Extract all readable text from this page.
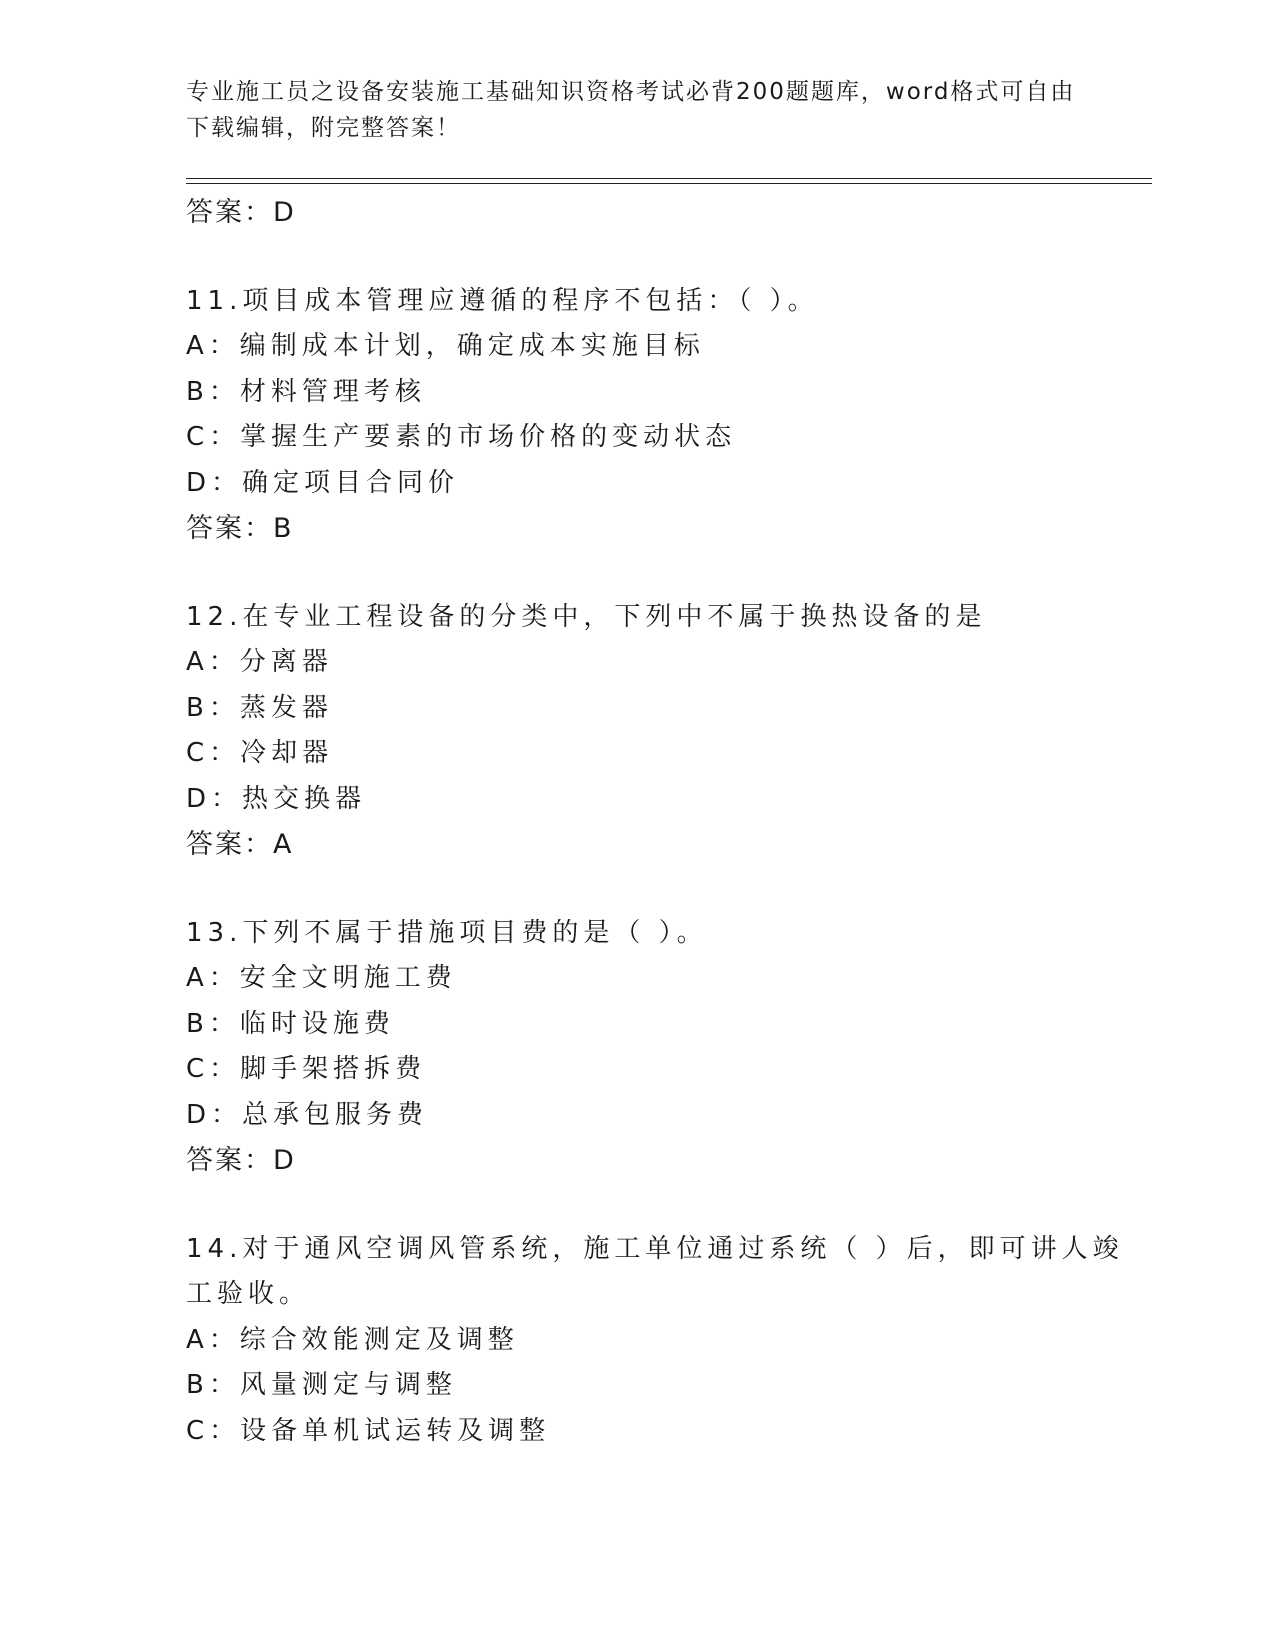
专业施工员之设备安装施工基础知识资格考试必背200题题库，word格式可自由
下载编辑，附完整答案！
答案：D
11.项目成本管理应遵循的程序不包括：（ ）。
A：编制成本计划，确定成本实施目标
B：材料管理考核
C：掌握生产要素的市场价格的变动状态
D：确定项目合同价
答案：B
12.在专业工程设备的分类中，下列中不属于换热设备的是
A：分离器
B：蒸发器
C：冷却器
D：热交换器
答案：A
13.下列不属于措施项目费的是（ ）。
A：安全文明施工费
B：临时设施费
C：脚手架搭拆费
D：总承包服务费
答案：D
14.对于通风空调风管系统，施工单位通过系统（ ）后，即可讲人竣
工验收。
A：综合效能测定及调整
B：风量测定与调整
C：设备单机试运转及调整
